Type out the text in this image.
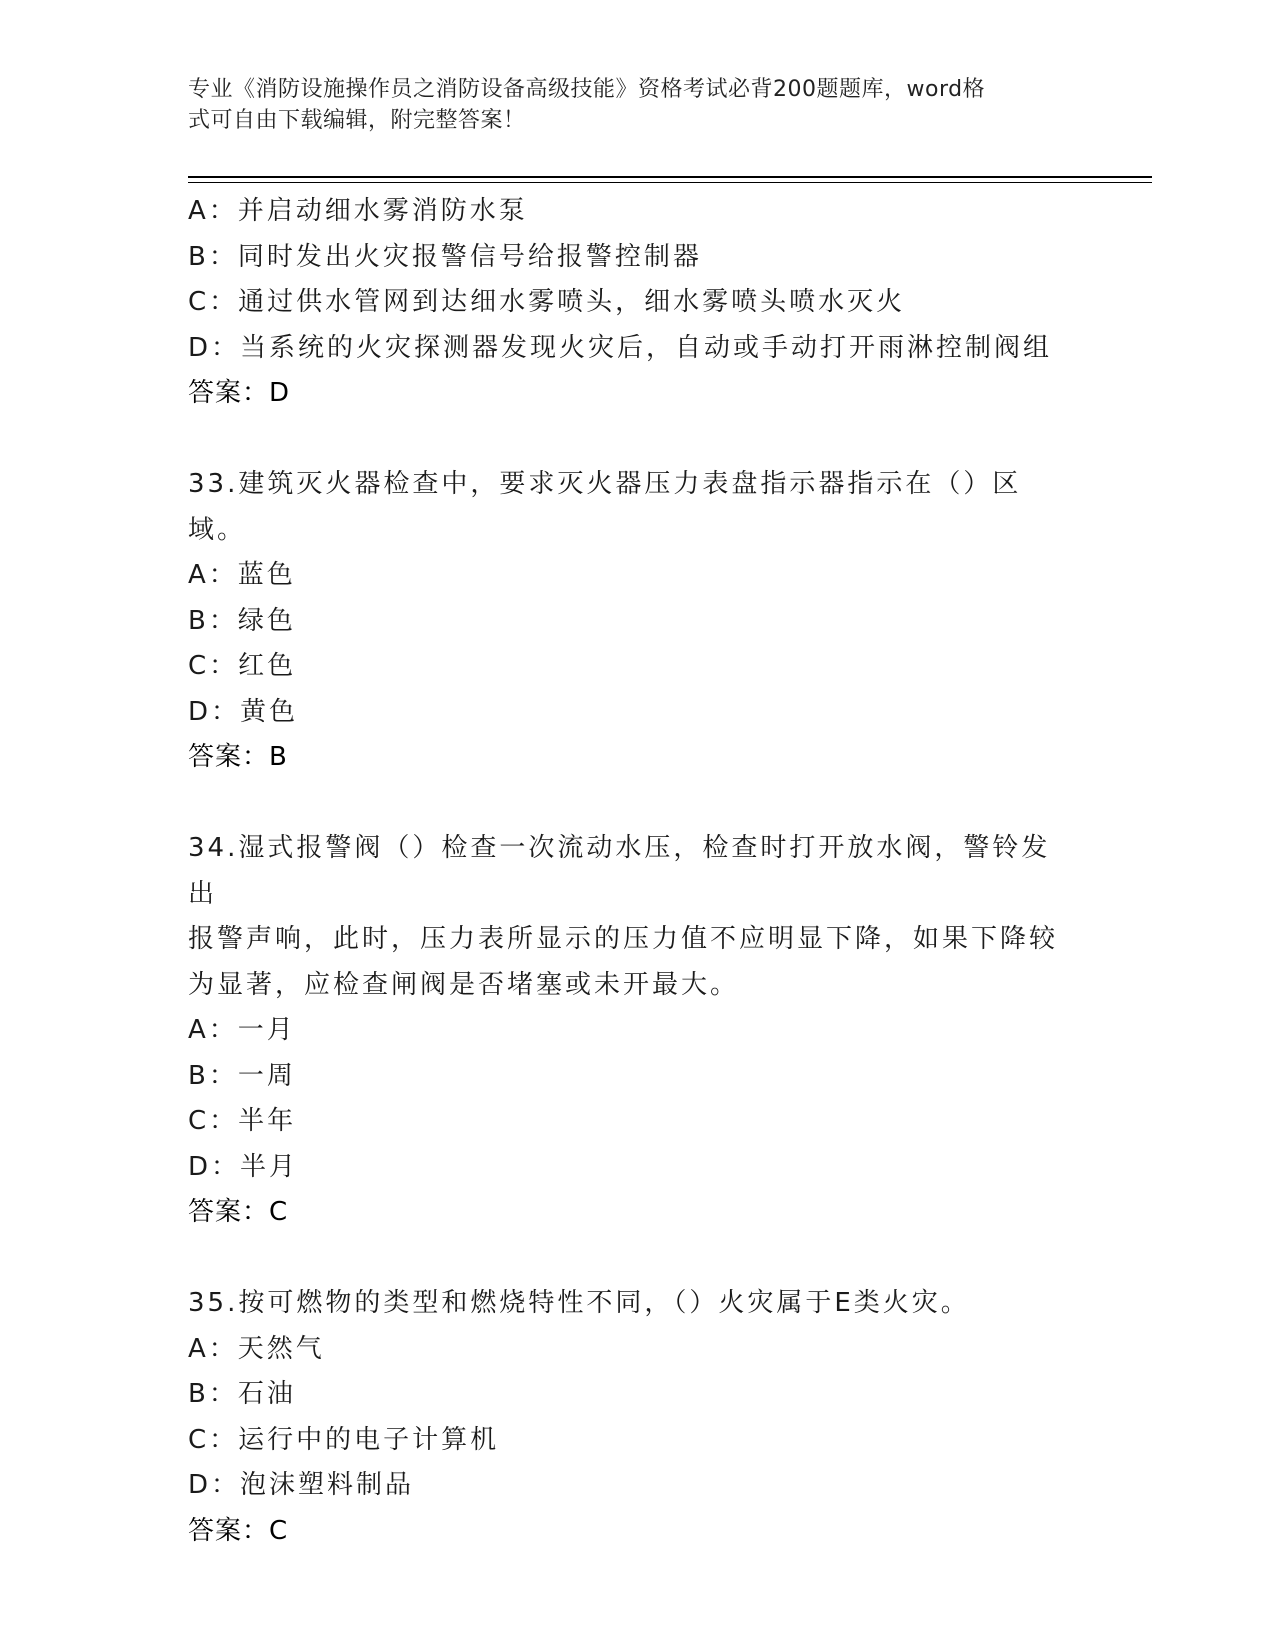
专业《消防设施操作员之消防设备高级技能》资格考试必背200题题库，word格
式可自由下载编辑，附完整答案！
A：并启动细水雾消防水泵
B：同时发出火灾报警信号给报警控制器
C：通过供水管网到达细水雾喷头，细水雾喷头喷水灭火
D：当系统的火灾探测器发现火灾后，自动或手动打开雨淋控制阀组
答案：D
33.建筑灭火器检查中，要求灭火器压力表盘指示器指示在（）区域。
A：蓝色
B：绿色
C：红色
D：黄色
答案：B
34.湿式报警阀（）检查一次流动水压，检查时打开放水阀，警铃发出
报警声响，此时，压力表所显示的压力值不应明显下降，如果下降较
为显著，应检查闸阀是否堵塞或未开最大。
A：一月
B：一周
C：半年
D：半月
答案：C
35.按可燃物的类型和燃烧特性不同，（）火灾属于E类火灾。
A：天然气
B：石油
C：运行中的电子计算机
D：泡沫塑料制品
答案：C
